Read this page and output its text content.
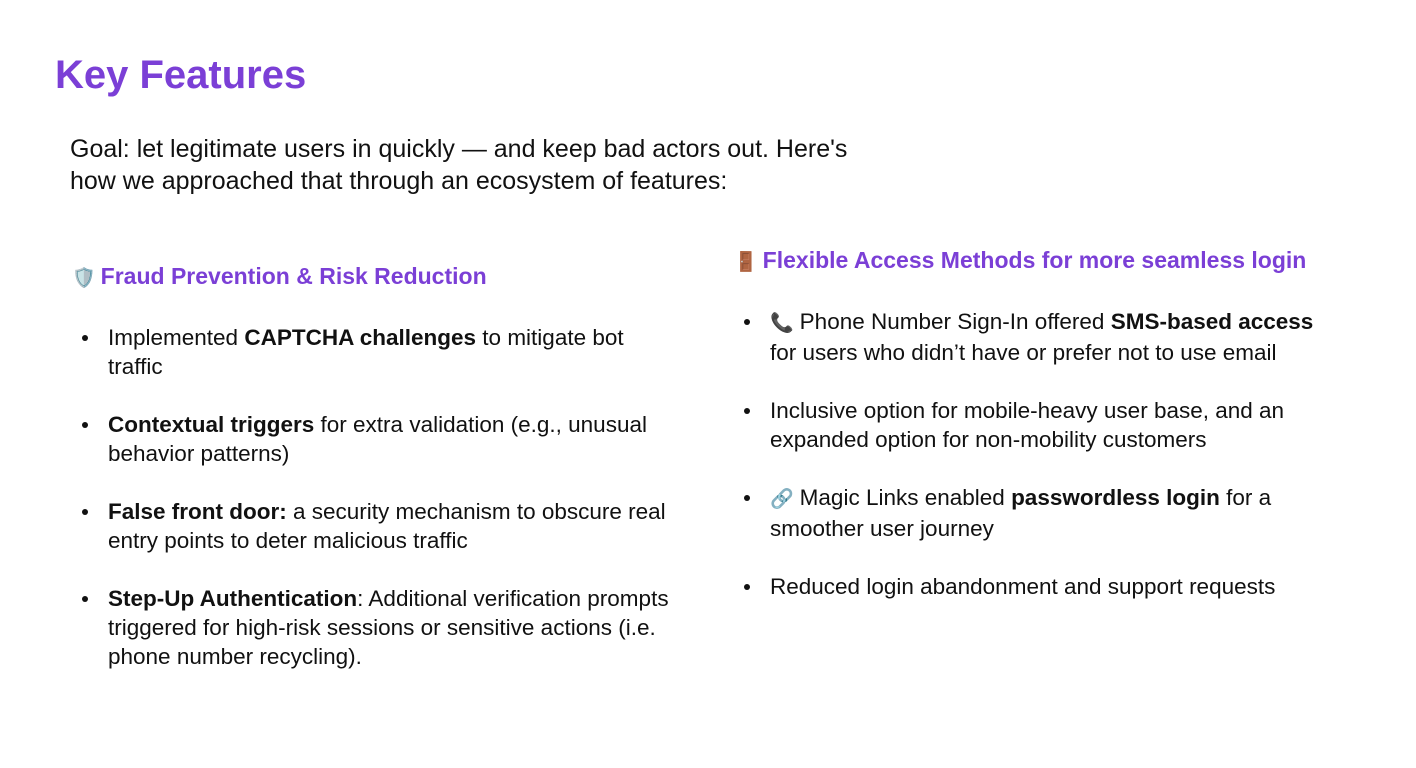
Key Features

Goal: let legitimate users in quickly — and keep bad actors out. Here's how we approached that through an ecosystem of features:

🛡️ Fraud Prevention & Risk Reduction
Implemented CAPTCHA challenges to mitigate bot traffic
Contextual triggers for extra validation (e.g., unusual behavior patterns)
False front door: a security mechanism to obscure real entry points to deter malicious traffic
Step-Up Authentication: Additional verification prompts triggered for high-risk sessions or sensitive actions (i.e. phone number recycling).
🚪 Flexible Access Methods for more seamless login
📞 Phone Number Sign-In offered SMS-based access for users who didn’t have or prefer not to use email
Inclusive option for mobile-heavy user base, and an expanded option for non-mobility customers
🔗 Magic Links enabled passwordless login for a smoother user journey
Reduced login abandonment and support requests
